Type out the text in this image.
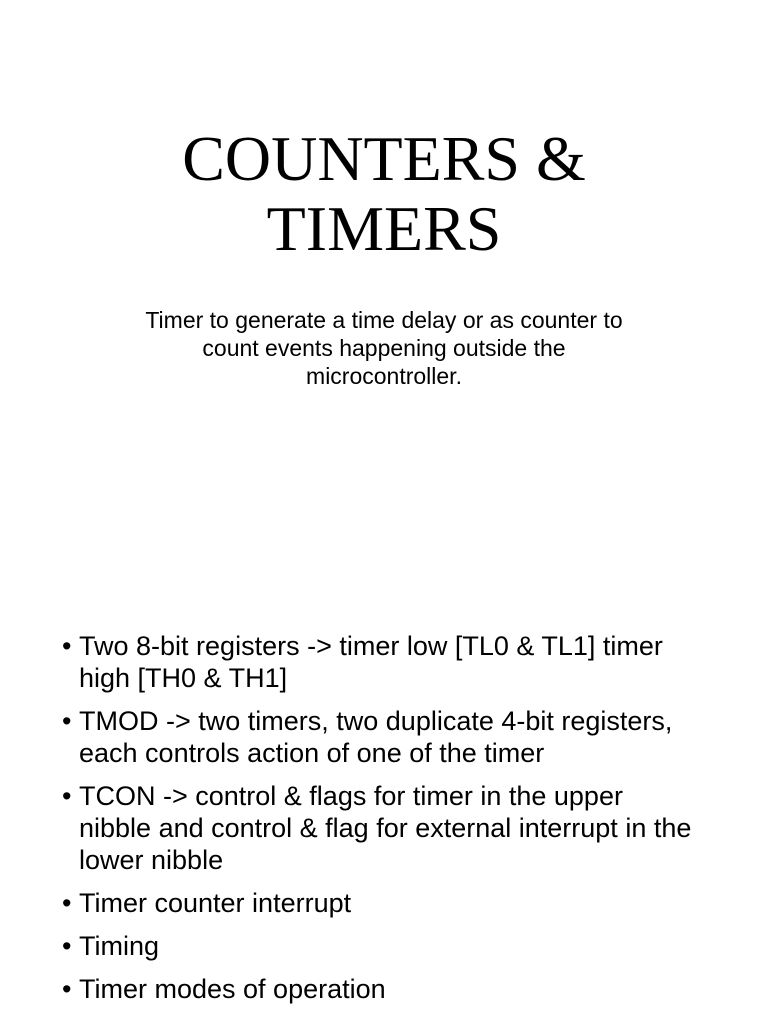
COUNTERS &
TIMERS

Timer to generate a time delay or as counter to
count events happening outside the
microcontroller.

• Two 8-bit registers -> timer low [TL0 & TL1] timer high [TH0 & TH1]
• TMOD -> two timers, two duplicate 4-bit registers, each controls action of one of the timer
• TCON -> control & flags for timer in the upper nibble and control & flag for external interrupt in the lower nibble
• Timer counter interrupt
• Timing
• Timer modes of operation
